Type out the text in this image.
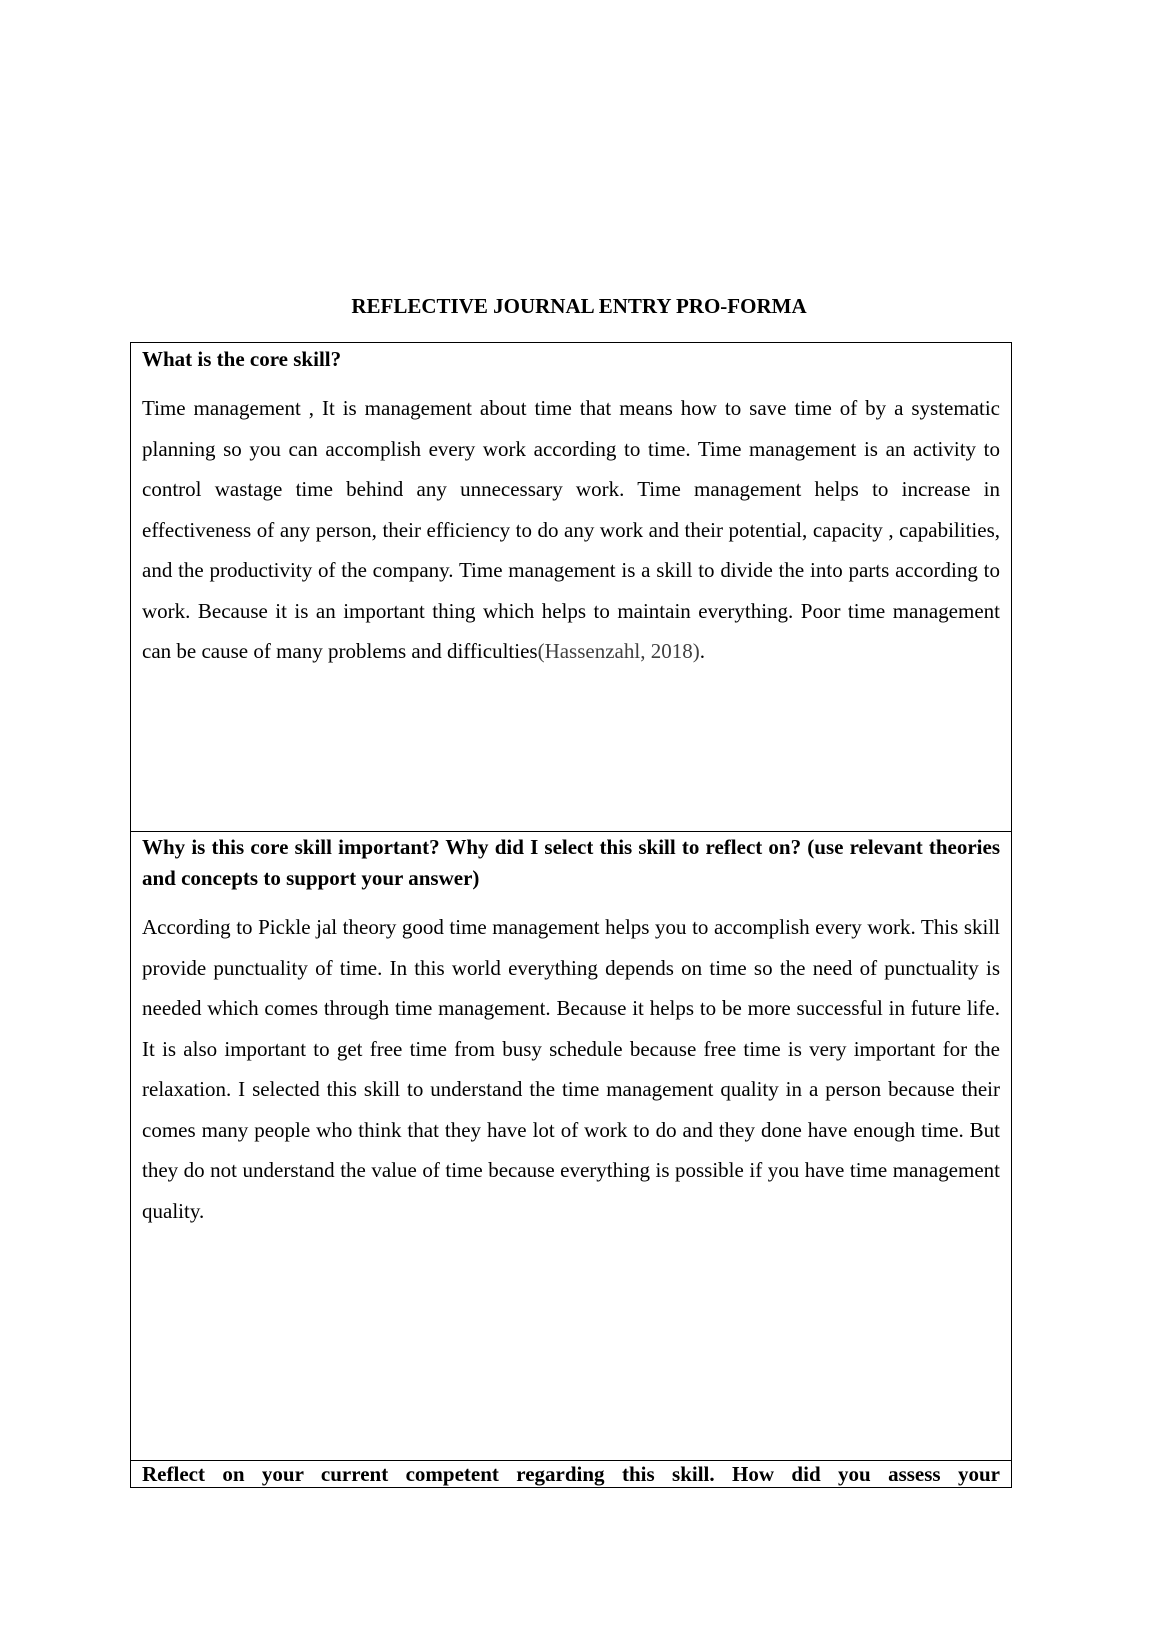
REFLECTIVE JOURNAL ENTRY PRO-FORMA

What is the core skill?

Time management , It is management about time that means how to save time of by a systematic planning so you can accomplish every work according to time. Time management is an activity to control wastage time behind any unnecessary work. Time management helps to increase in effectiveness of any person, their efficiency to do any work and their potential, capacity , capabilities, and the productivity of the company. Time management is a skill to divide the into parts according to work. Because it is an important thing which helps to maintain everything. Poor time management can be cause of many problems and difficulties(Hassenzahl, 2018).

Why is this core skill important? Why did I select this skill to reflect on? (use relevant theories and concepts to support your answer)

According to Pickle jal theory good time management helps you to accomplish every work. This skill provide punctuality of time. In this world everything depends on time so the need of punctuality is needed which comes through time management. Because it helps to be more successful in future life. It is also important to get free time from busy schedule because free time is very important for the relaxation. I selected this skill to understand the time management quality in a person because their comes many people who think that they have lot of work to do and they done have enough time. But they do not understand the value of time because everything is possible if you have time management quality.

Reflect on your current competent regarding this skill. How did you assess your
